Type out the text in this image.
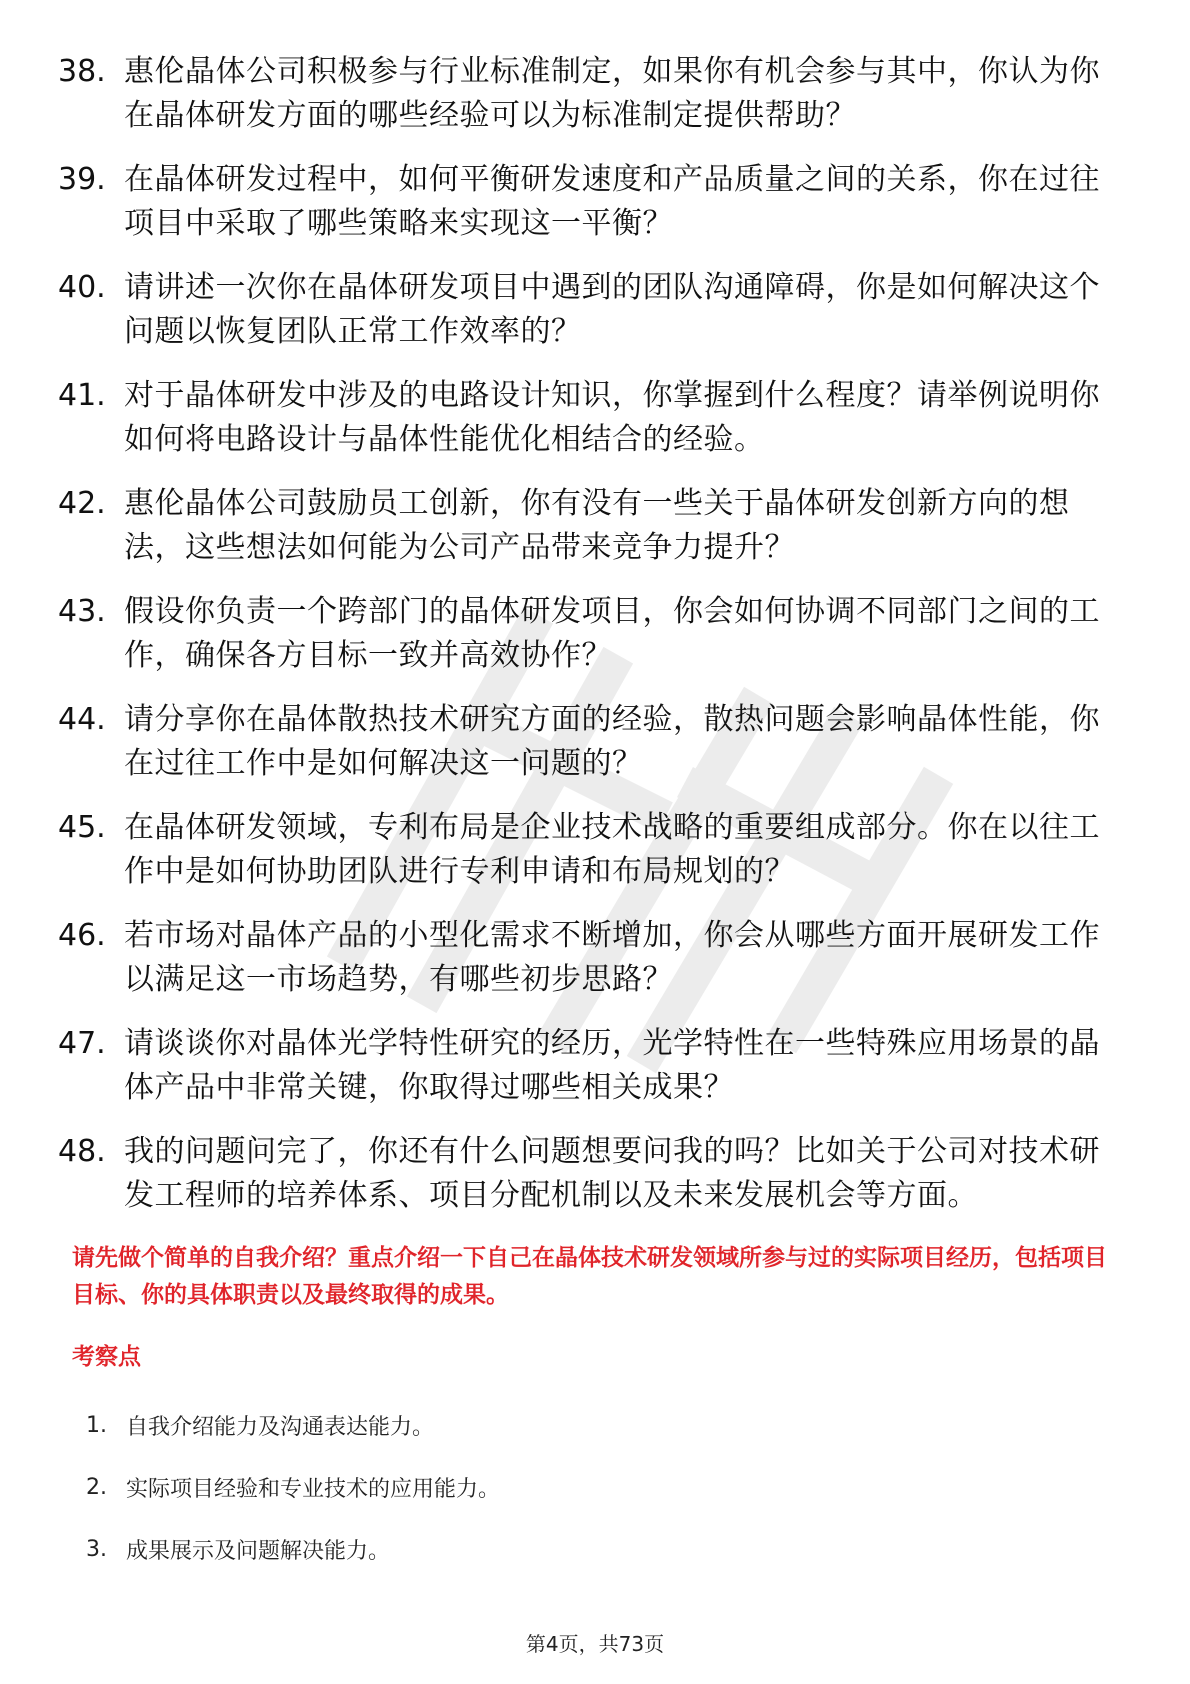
38. 惠伦晶体公司积极参与行业标准制定，如果你有机会参与其中，你认为你在晶体研发方面的哪些经验可以为标准制定提供帮助？
39. 在晶体研发过程中，如何平衡研发速度和产品质量之间的关系，你在过往项目中采取了哪些策略来实现这一平衡？
40. 请讲述一次你在晶体研发项目中遇到的团队沟通障碍，你是如何解决这个问题以恢复团队正常工作效率的？
41. 对于晶体研发中涉及的电路设计知识，你掌握到什么程度？请举例说明你如何将电路设计与晶体性能优化相结合的经验。
42. 惠伦晶体公司鼓励员工创新，你有没有一些关于晶体研发创新方向的想法，这些想法如何能为公司产品带来竞争力提升？
43. 假设你负责一个跨部门的晶体研发项目，你会如何协调不同部门之间的工作，确保各方目标一致并高效协作？
44. 请分享你在晶体散热技术研究方面的经验，散热问题会影响晶体性能，你在过往工作中是如何解决这一问题的？
45. 在晶体研发领域，专利布局是企业技术战略的重要组成部分。你在以往工作中是如何协助团队进行专利申请和布局规划的？
46. 若市场对晶体产品的小型化需求不断增加，你会从哪些方面开展研发工作以满足这一市场趋势，有哪些初步思路？
47. 请谈谈你对晶体光学特性研究的经历，光学特性在一些特殊应用场景的晶体产品中非常关键，你取得过哪些相关成果？
48. 我的问题问完了，你还有什么问题想要问我的吗？比如关于公司对技术研发工程师的培养体系、项目分配机制以及未来发展机会等方面。

请先做个简单的自我介绍？重点介绍一下自己在晶体技术研发领域所参与过的实际项目经历，包括项目目标、你的具体职责以及最终取得的成果。

考察点
1. 自我介绍能力及沟通表达能力。
2. 实际项目经验和专业技术的应用能力。
3. 成果展示及问题解决能力。
第4页，共73页
